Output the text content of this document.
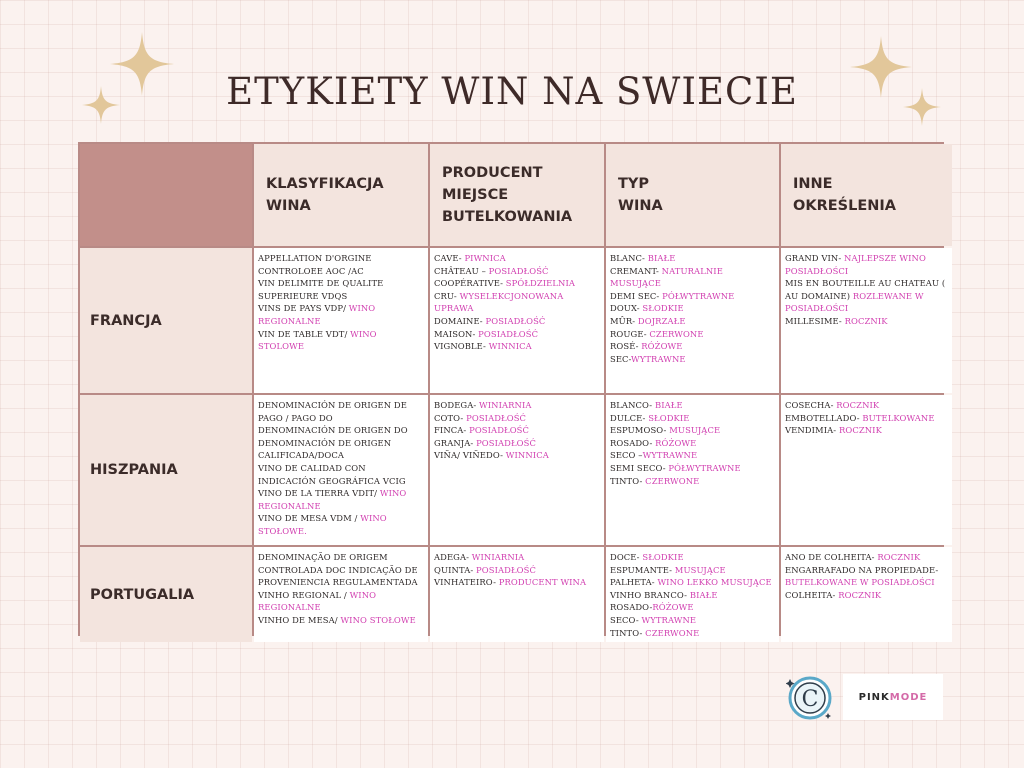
ETYKIETY WIN NA SWIECIE
KLASYFIKACJA
WINA
PRODUCENT
MIEJSCE
BUTELKOWANIA
TYP
WINA
INNE OKREŚLENIA
FRANCJA
APPELLATION D'ORGINE CONTROLOEE AOC /AC
VIN DELIMITE DE QUALITE SUPERIEURE VDQS
VINS DE PAYS VDP/ WINO REGIONALNE
VIN DE TABLE VDT/ WINO STOLOWE
CAVE- PIWNICA
CHÂTEAU – POSIADŁOŚĆ
COOPÉRATIVE- SPÓŁDZIELNIA
CRU- WYSELEKCJONOWANA UPRAWA
DOMAINE- POSIADŁOŚĆ
MAISON- POSIADŁOŚĆ
VIGNOBLE- WINNICA
BLANC- BIAŁE
CREMANT- NATURALNIE MUSUJĄCE
DEMI SEC- PÓŁWYTRAWNE
DOUX- SŁODKIE
MÛR- DOJRZAŁE
ROUGE- CZERWONE
ROSÉ- RÓŻOWE
SEC-WYTRAWNE
GRAND VIN- NAJLEPSZE WINO POSIADŁOŚCI
MIS EN BOUTEILLE AU CHATEAU ( AU DOMAINE) ROZLEWANE W POSIADŁOŚCI
MILLESIME- ROCZNIK
HISZPANIA
DENOMINACIÓN DE ORIGEN DE PAGO / PAGO DO
DENOMINACIÓN DE ORIGEN DO
DENOMINACIÓN DE ORIGEN CALIFICADA/DOCA
VINO DE CALIDAD CON INDICACIÓN GEOGRÁFICA VCIG
VINO DE LA TIERRA VDIT/ WINO REGIONALNE
VINO DE MESA VDM / WINO STOŁOWE.
BODEGA- WINIARNIA
COTO- POSIADŁOŚĆ
FINCA- POSIADŁOŚĆ
GRANJA- POSIADŁOŚĆ
VIÑA/ VIÑEDO- WINNICA
BLANCO- BIAŁE
DULCE- SŁODKIE
ESPUMOSO- MUSUJĄCE
ROSADO- RÓŻOWE
SECO –WYTRAWNE
SEMI SECO- PÓŁWYTRAWNE
TINTO- CZERWONE
COSECHA- ROCZNIK
EMBOTELLADO- BUTELKOWANE
VENDIMIA- ROCZNIK
PORTUGALIA
DENOMINAÇÃO DE ORIGEM CONTROLADA DOC INDICAÇÃO DE PROVENIENCIA REGULAMENTADA
VINHO REGIONAL / WINO REGIONALNE
VINHO DE MESA/ WINO STOŁOWE
ADEGA- WINIARNIA
QUINTA- POSIADŁOŚĆ
VINHATEIRO- PRODUCENT WINA
DOCE- SŁODKIE
ESPUMANTE- MUSUJĄCE
PALHETA- WINO LEKKO MUSUJĄCE
VINHO BRANCO- BIAŁE
ROSADO-RÓŻOWE
SECO- WYTRAWNE
TINTO- CZERWONE
ANO DE COLHEITA- ROCZNIK
ENGARRAFADO NA PROPIEDADE-
BUTELKOWANE W POSIADŁOŚCI
COLHEITA- ROCZNIK
C	PINK MODE
